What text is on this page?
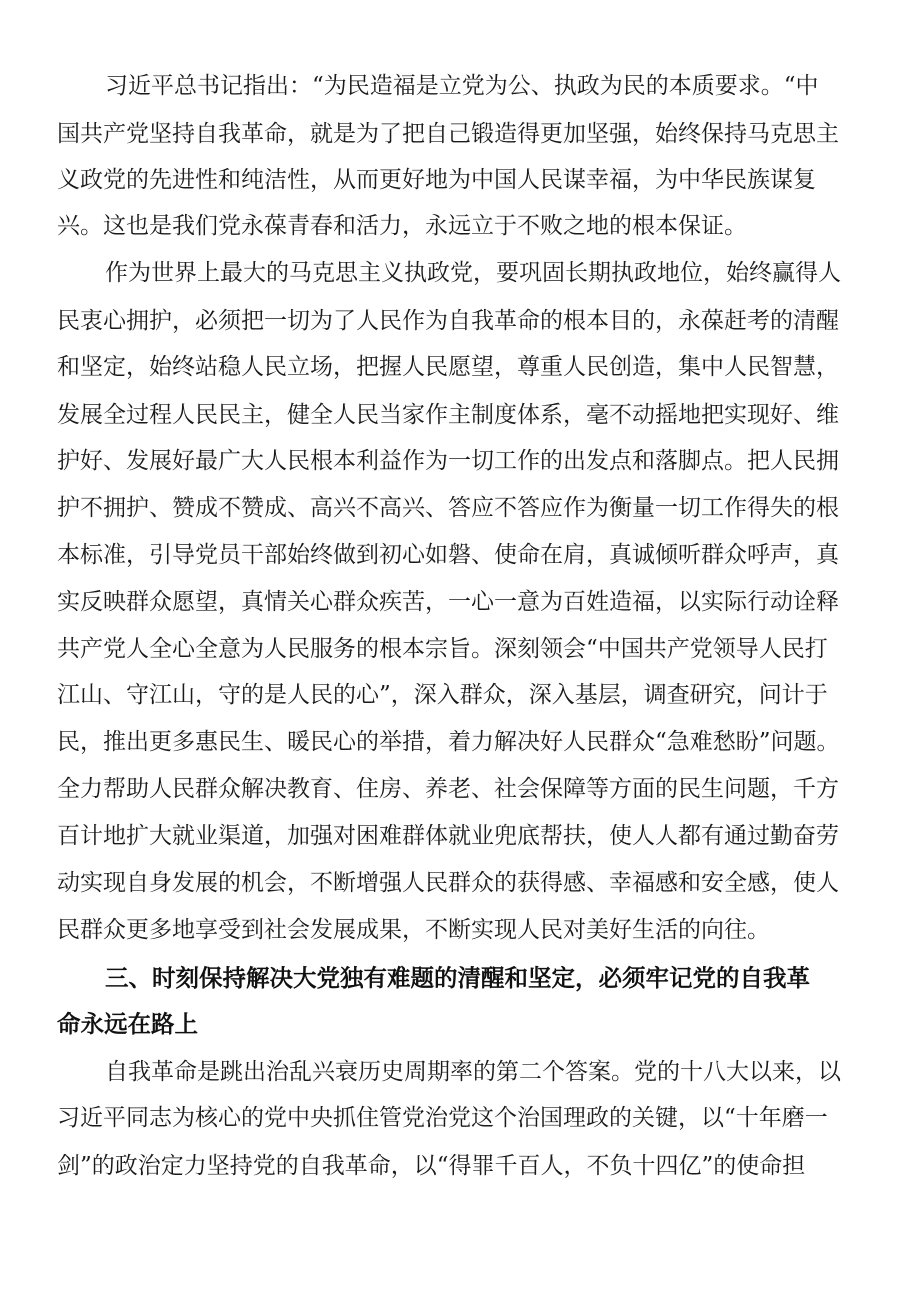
习近平总书记指出：“为民造福是立党为公、执政为民的本质要求。“中
国共产党坚持自我革命，就是为了把自己锻造得更加坚强，始终保持马克思主
义政党的先进性和纯洁性，从而更好地为中国人民谋幸福，为中华民族谋复
兴。这也是我们党永葆青春和活力，永远立于不败之地的根本保证。
作为世界上最大的马克思主义执政党，要巩固长期执政地位，始终赢得人
民衷心拥护，必须把一切为了人民作为自我革命的根本目的，永葆赶考的清醒
和坚定，始终站稳人民立场，把握人民愿望，尊重人民创造，集中人民智慧，
发展全过程人民民主，健全人民当家作主制度体系，毫不动摇地把实现好、维
护好、发展好最广大人民根本利益作为一切工作的出发点和落脚点。把人民拥
护不拥护、赞成不赞成、高兴不高兴、答应不答应作为衡量一切工作得失的根
本标准，引导党员干部始终做到初心如磐、使命在肩，真诚倾听群众呼声，真
实反映群众愿望，真情关心群众疾苦，一心一意为百姓造福，以实际行动诠释
共产党人全心全意为人民服务的根本宗旨。深刻领会“中国共产党领导人民打
江山、守江山，守的是人民的心”，深入群众，深入基层，调查研究，问计于
民，推出更多惠民生、暖民心的举措，着力解决好人民群众“急难愁盼”问题。
全力帮助人民群众解决教育、住房、养老、社会保障等方面的民生问题，千方
百计地扩大就业渠道，加强对困难群体就业兜底帮扶，使人人都有通过勤奋劳
动实现自身发展的机会，不断增强人民群众的获得感、幸福感和安全感，使人
民群众更多地享受到社会发展成果，不断实现人民对美好生活的向往。
三、时刻保持解决大党独有难题的清醒和坚定，必须牢记党的自我革
命永远在路上
自我革命是跳出治乱兴衰历史周期率的第二个答案。党的十八大以来，以
习近平同志为核心的党中央抓住管党治党这个治国理政的关键，以“十年磨一
剑”的政治定力坚持党的自我革命，以“得罪千百人，不负十四亿”的使命担
